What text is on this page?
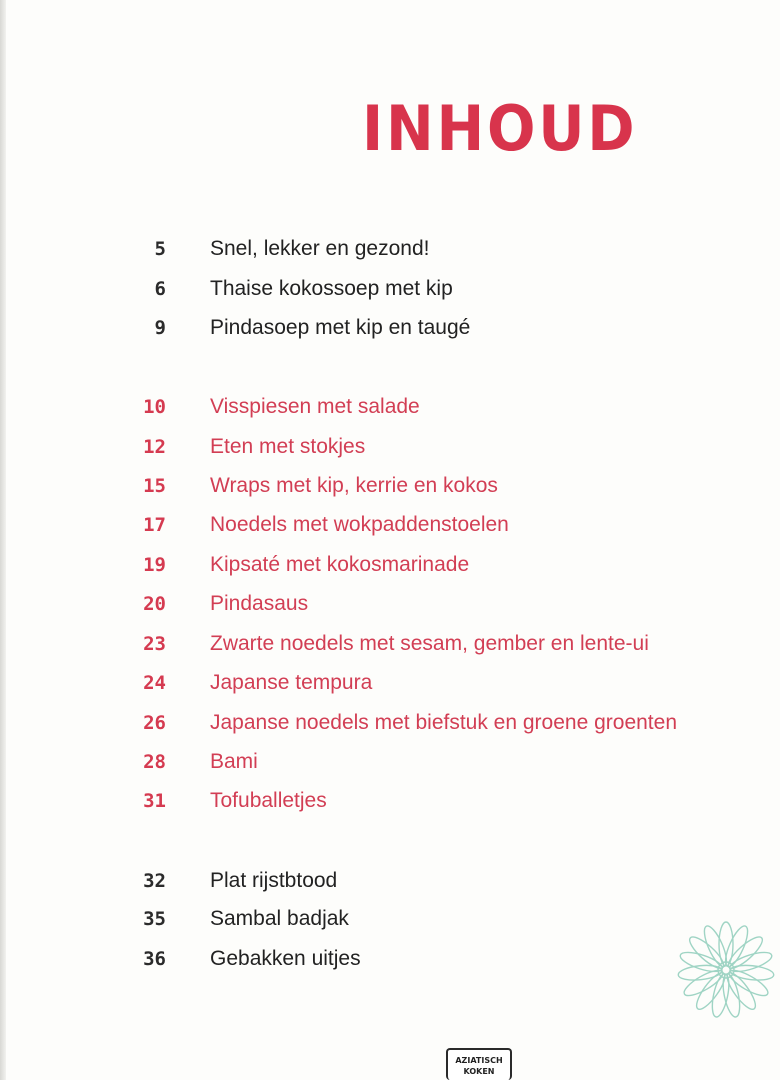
INHOUD
5 Snel, lekker en gezond!
6 Thaise kokossoep met kip
9 Pindasoep met kip en taugé
10 Visspiesen met salade
12 Eten met stokjes
15 Wraps met kip, kerrie en kokos
17 Noedels met wokpaddenstoelen
19 Kipsaté met kokosmarinade
20 Pindasaus
23 Zwarte noedels met sesam, gember en lente-ui
24 Japanse tempura
26 Japanse noedels met biefstuk en groene groenten
28 Bami
31 Tofuballetjes
32 Plat rijstbtood
35 Sambal badjak
36 Gebakken uitjes
AZIATISCH
KOKEN
